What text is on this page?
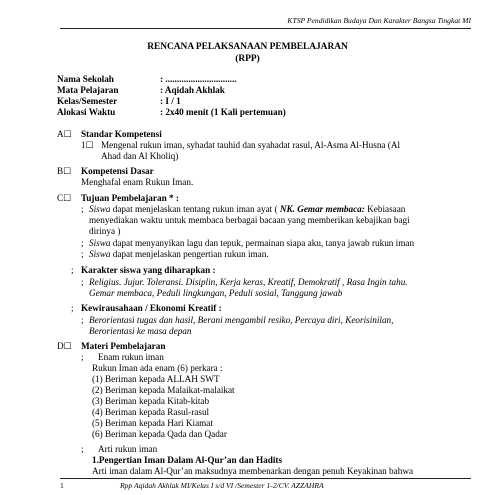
KTSP Pendidikan Budaya Dan Karakter Bangsa Tingkat MI
RENCANA PELAKSANAAN PEMBELAJARAN
(RPP)
Nama Sekolah	: ...............................
Mata Pelajaran	: Aqidah Akhlak
Kelas/Semester	: I / 1
Alokasi Waktu	: 2x40 menit (1 Kali pertemuan)
A☐ Standar Kompetensi
1☐ Mengenal rukun iman, syhadat tauhid dan syahadat rasul, Al-Asma Al-Husna (Al
Ahad dan Al Kholiq)
B☐ Kompetensi Dasar
Menghafal enam Rukun Iman.
C☐ Tujuan Pembelajaran * :
; Siswa dapat menjelaskan tentang rukun iman ayat ( NK. Gemar membaca: Kebiasaan
menyediakan waktu untuk membaca berbagai bacaan yang memberikan kebajikan bagi
dirinya )
; Siswa dapat menyanyikan lagu dan tepuk, permainan siapa aku, tanya jawab rukun iman
; Siswa dapat menjelaskan pengertian rukun iman.
; Karakter siswa yang diharapkan :
; Religius. Jujur. Toleransi. Disiplin, Kerja keras, Kreatif, Demokratif , Rasa Ingin tahu.
Gemar membaca, Peduli lingkungan, Peduli sosial, Tanggung jawab
; Kewirausahaan / Ekonomi Kreatif :
; Berorientasi tugas dan hasil, Berani mengambil resiko, Percaya diri, Keorisinilan,
Berorientasi ke masa depan
D☐ Materi Pembelajaran
; Enam rukun iman
Rukun Iman ada enam (6) perkara :
(1) Beriman kepada ALLAH SWT
(2) Beriman kepada Malaikat-malaikat
(3) Beriman kepada Kitab-kitab
(4) Beriman kepada Rasul-rasul
(5) Beriman kepada Hari Kiamat
(6) Beriman kepada Qada dan Qadar
; Arti rukun iman
1.Pengertian Iman Dalam Al-Qur’an dan Hadits
Arti iman dalam Al-Qur’an maksudnya membenarkan dengan penuh Keyakinan bahwa
1	Rpp Aqidah Akhlak MI/Kelas I s/d VI /Semester 1-2/CV. AZZAHRA
